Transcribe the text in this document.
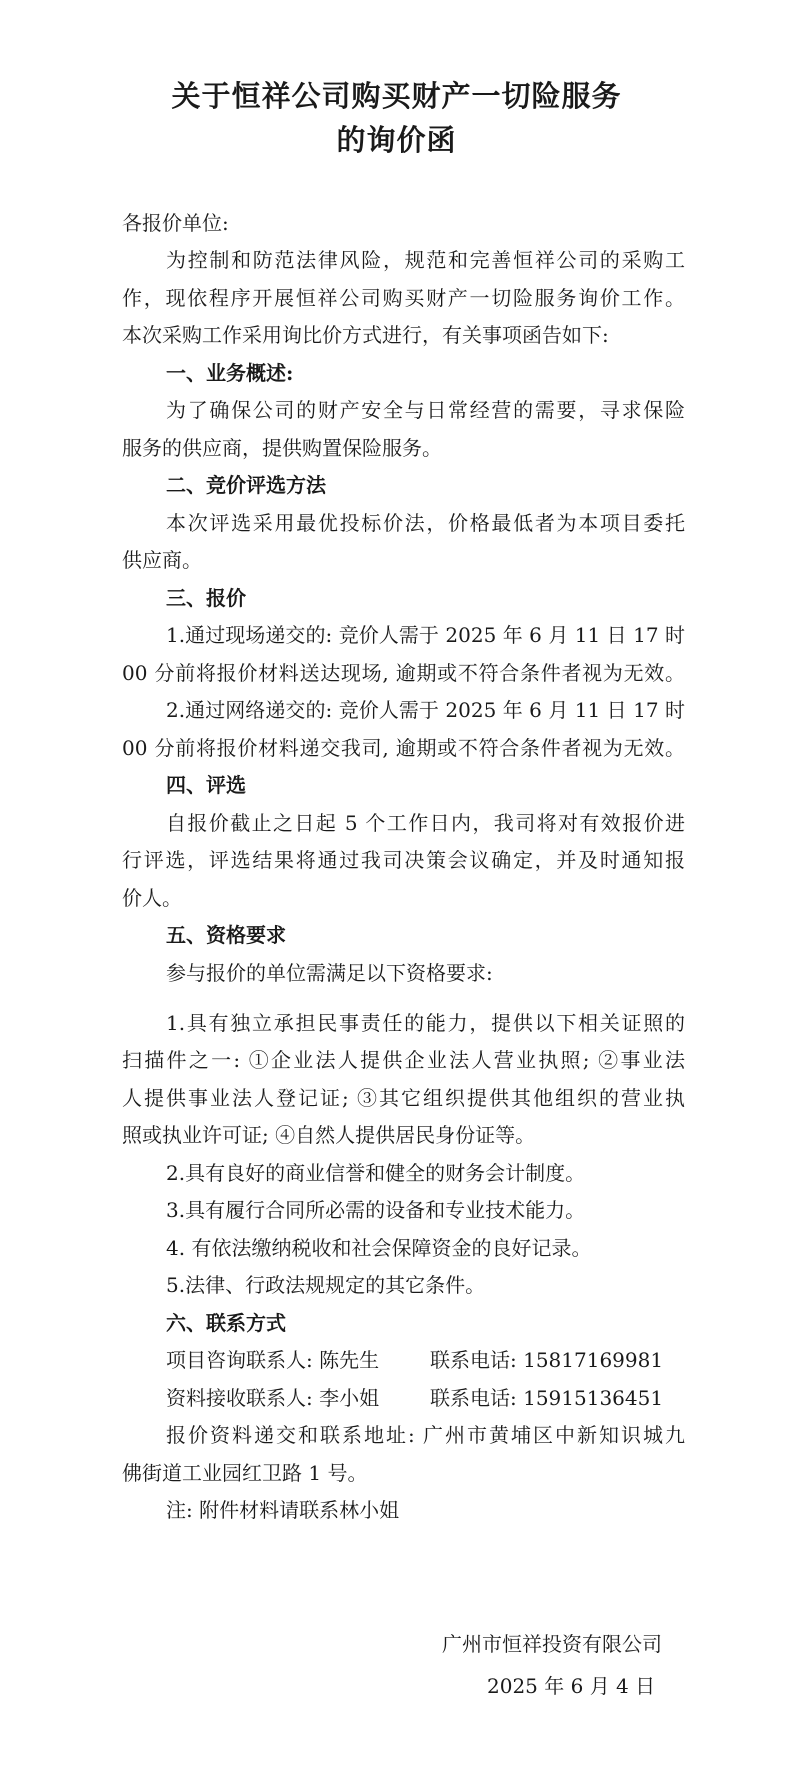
关于恒祥公司购买财产一切险服务
的询价函
各报价单位:
为控制和防范法律风险，规范和完善恒祥公司的采购工
作，现依程序开展恒祥公司购买财产一切险服务询价工作。
本次采购工作采用询比价方式进行，有关事项函告如下:
一、业务概述:
为了确保公司的财产安全与日常经营的需要，寻求保险
服务的供应商，提供购置保险服务。
二、竞价评选方法
本次评选采用最优投标价法，价格最低者为本项目委托
供应商。
三、报价
1.通过现场递交的: 竞价人需于 2025 年 6 月 11 日 17 时
00 分前将报价材料送达现场, 逾期或不符合条件者视为无效。
2.通过网络递交的: 竞价人需于 2025 年 6 月 11 日 17 时
00 分前将报价材料递交我司, 逾期或不符合条件者视为无效。
四、评选
自报价截止之日起 5 个工作日内，我司将对有效报价进
行评选，评选结果将通过我司决策会议确定，并及时通知报
价人。
五、资格要求
参与报价的单位需满足以下资格要求:
1.具有独立承担民事责任的能力，提供以下相关证照的
扫描件之一: ①企业法人提供企业法人营业执照; ②事业法
人提供事业法人登记证; ③其它组织提供其他组织的营业执
照或执业许可证; ④自然人提供居民身份证等。
2.具有良好的商业信誉和健全的财务会计制度。
3.具有履行合同所必需的设备和专业技术能力。
4. 有依法缴纳税收和社会保障资金的良好记录。
5.法律、行政法规规定的其它条件。
六、联系方式
项目咨询联系人: 陈先生	联系电话: 15817169981
资料接收联系人: 李小姐	联系电话: 15915136451
报价资料递交和联系地址: 广州市黄埔区中新知识城九
佛街道工业园红卫路 1 号。
注: 附件材料请联系林小姐
广州市恒祥投资有限公司
2025 年 6 月 4 日
